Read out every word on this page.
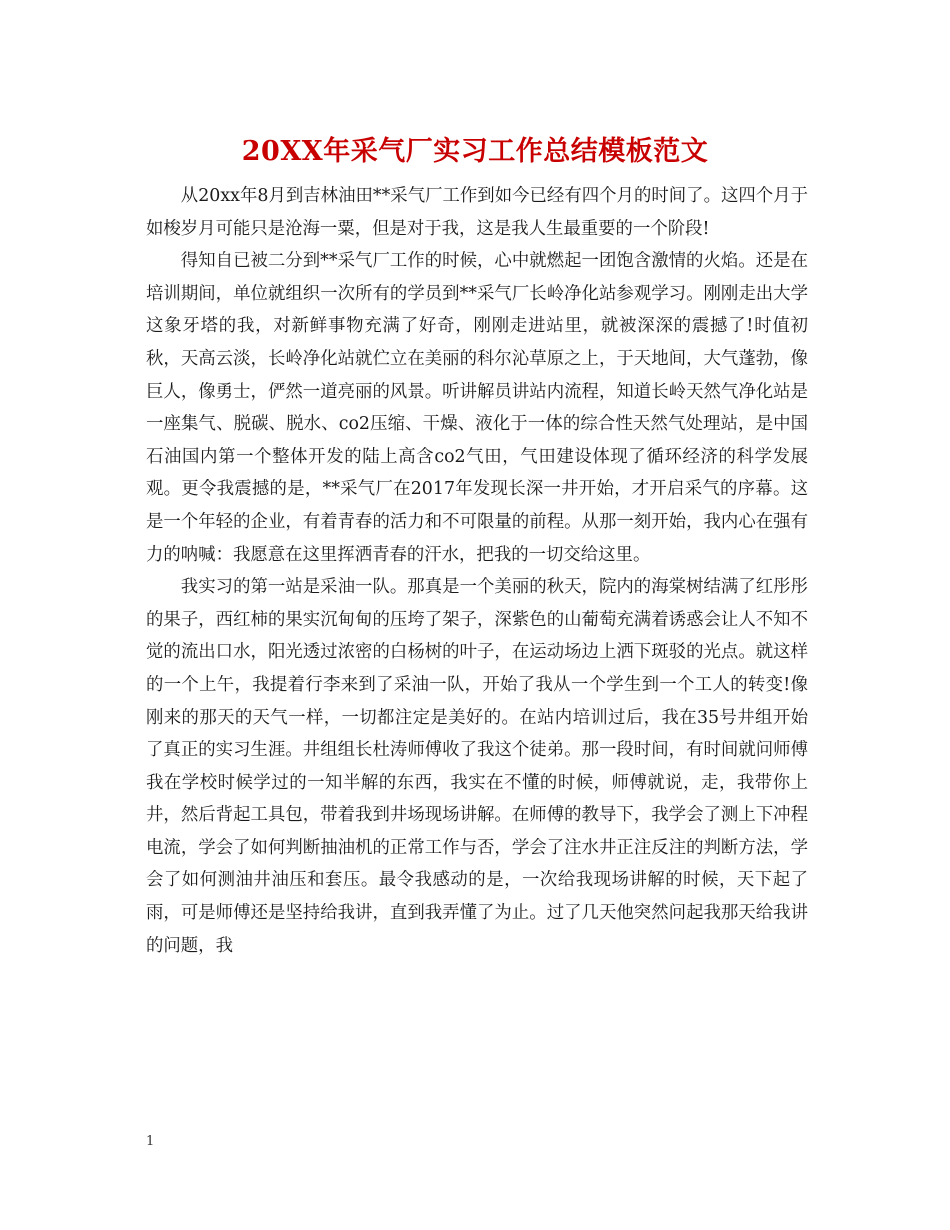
20XX年采气厂实习工作总结模板范文

从20xx年8月到吉林油田**采气厂工作到如今已经有四个月的时间了。这四个月于如梭岁月可能只是沧海一粟，但是对于我，这是我人生最重要的一个阶段!

得知自已被二分到**采气厂工作的时候，心中就燃起一团饱含激情的火焰。还是在培训期间，单位就组织一次所有的学员到**采气厂长岭净化站参观学习。刚刚走出大学这象牙塔的我，对新鲜事物充满了好奇，刚刚走进站里，就被深深的震撼了!时值初秋，天高云淡，长岭净化站就伫立在美丽的科尔沁草原之上，于天地间，大气蓬勃，像巨人，像勇士，俨然一道亮丽的风景。听讲解员讲站内流程，知道长岭天然气净化站是一座集气、脱碳、脱水、co2压缩、干燥、液化于一体的综合性天然气处理站，是中国石油国内第一个整体开发的陆上高含co2气田，气田建设体现了循环经济的科学发展观。更令我震撼的是，**采气厂在2017年发现长深一井开始，才开启采气的序幕。这是一个年轻的企业，有着青春的活力和不可限量的前程。从那一刻开始，我内心在强有力的呐喊：我愿意在这里挥洒青春的汗水，把我的一切交给这里。

我实习的第一站是采油一队。那真是一个美丽的秋天，院内的海棠树结满了红彤彤的果子，西红柿的果实沉甸甸的压垮了架子，深紫色的山葡萄充满着诱惑会让人不知不觉的流出口水，阳光透过浓密的白杨树的叶子，在运动场边上洒下斑驳的光点。就这样的一个上午，我提着行李来到了采油一队，开始了我从一个学生到一个工人的转变!像刚来的那天的天气一样，一切都注定是美好的。在站内培训过后，我在35号井组开始了真正的实习生涯。井组组长杜涛师傅收了我这个徒弟。那一段时间，有时间就问师傅我在学校时候学过的一知半解的东西，我实在不懂的时候，师傅就说，走，我带你上井，然后背起工具包，带着我到井场现场讲解。在师傅的教导下，我学会了测上下冲程电流，学会了如何判断抽油机的正常工作与否，学会了注水井正注反注的判断方法，学会了如何测油井油压和套压。最令我感动的是，一次给我现场讲解的时候，天下起了雨，可是师傅还是坚持给我讲，直到我弄懂了为止。过了几天他突然问起我那天给我讲的问题，我

1
